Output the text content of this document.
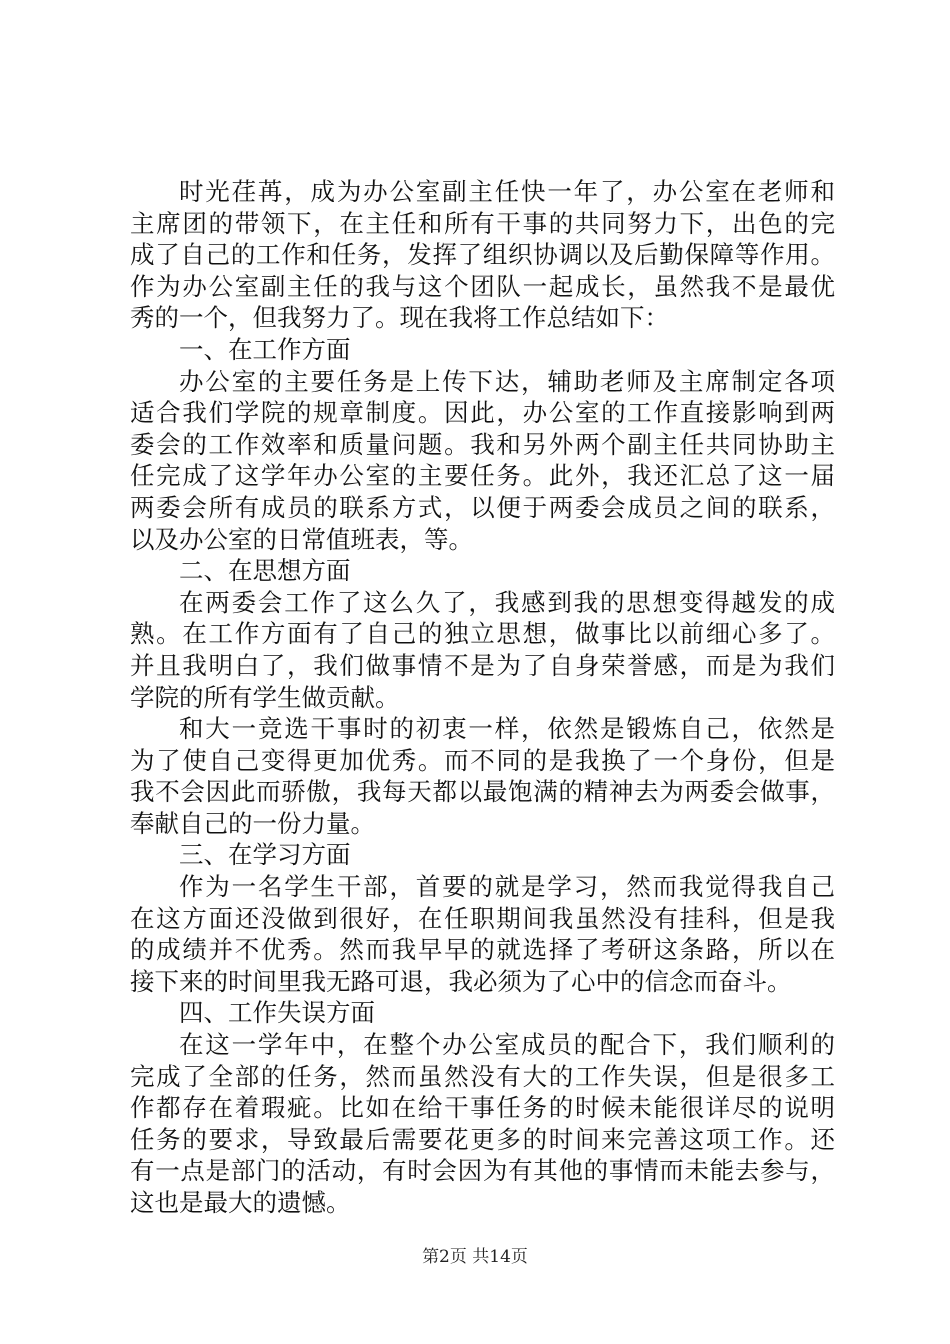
时光荏苒，成为办公室副主任快一年了，办公室在老师和
主席团的带领下，在主任和所有干事的共同努力下，出色的完
成了自己的工作和任务，发挥了组织协调以及后勤保障等作用。
作为办公室副主任的我与这个团队一起成长，虽然我不是最优
秀的一个，但我努力了。现在我将工作总结如下：
一、在工作方面
办公室的主要任务是上传下达，辅助老师及主席制定各项
适合我们学院的规章制度。因此，办公室的工作直接影响到两
委会的工作效率和质量问题。我和另外两个副主任共同协助主
任完成了这学年办公室的主要任务。此外，我还汇总了这一届
两委会所有成员的联系方式，以便于两委会成员之间的联系，
以及办公室的日常值班表，等。
二、在思想方面
在两委会工作了这么久了，我感到我的思想变得越发的成
熟。在工作方面有了自己的独立思想，做事比以前细心多了。
并且我明白了，我们做事情不是为了自身荣誉感，而是为我们
学院的所有学生做贡献。
和大一竞选干事时的初衷一样，依然是锻炼自己，依然是
为了使自己变得更加优秀。而不同的是我换了一个身份，但是
我不会因此而骄傲，我每天都以最饱满的精神去为两委会做事，
奉献自己的一份力量。
三、在学习方面
作为一名学生干部，首要的就是学习，然而我觉得我自己
在这方面还没做到很好，在任职期间我虽然没有挂科，但是我
的成绩并不优秀。然而我早早的就选择了考研这条路，所以在
接下来的时间里我无路可退，我必须为了心中的信念而奋斗。
四、工作失误方面
在这一学年中，在整个办公室成员的配合下，我们顺利的
完成了全部的任务，然而虽然没有大的工作失误，但是很多工
作都存在着瑕疵。比如在给干事任务的时候未能很详尽的说明
任务的要求，导致最后需要花更多的时间来完善这项工作。还
有一点是部门的活动，有时会因为有其他的事情而未能去参与，
这也是最大的遗憾。
第2页 共14页
